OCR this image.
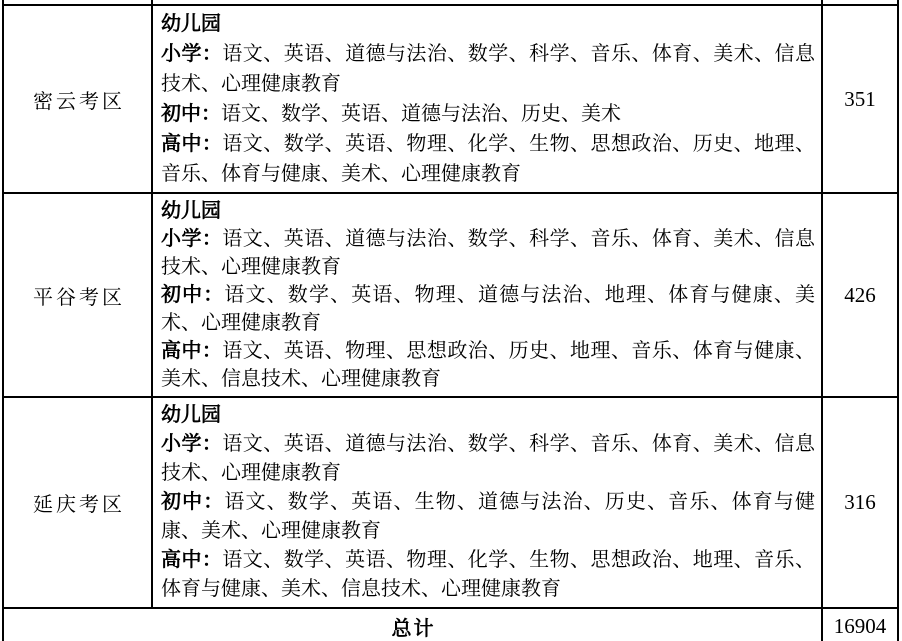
密云考区	幼儿园

小学：语文、英语、道德与法治、数学、科学、音乐、体育、美术、信息技术、心理健康教育

初中：语文、数学、英语、道德与法治、历史、美术

高中：语文、数学、英语、物理、化学、生物、思想政治、历史、地理、音乐、体育与健康、美术、心理健康教育	351
平谷考区	幼儿园

小学：语文、英语、道德与法治、数学、科学、音乐、体育、美术、信息技术、心理健康教育

初中：语文、数学、英语、物理、道德与法治、地理、体育与健康、美术、心理健康教育

高中：语文、英语、物理、思想政治、历史、地理、音乐、体育与健康、美术、信息技术、心理健康教育	426
延庆考区	幼儿园

小学：语文、英语、道德与法治、数学、科学、音乐、体育、美术、信息技术、心理健康教育

初中：语文、数学、英语、生物、道德与法治、历史、音乐、体育与健康、美术、心理健康教育

高中：语文、数学、英语、物理、化学、生物、思想政治、地理、音乐、体育与健康、美术、信息技术、心理健康教育	316
总计		16904
